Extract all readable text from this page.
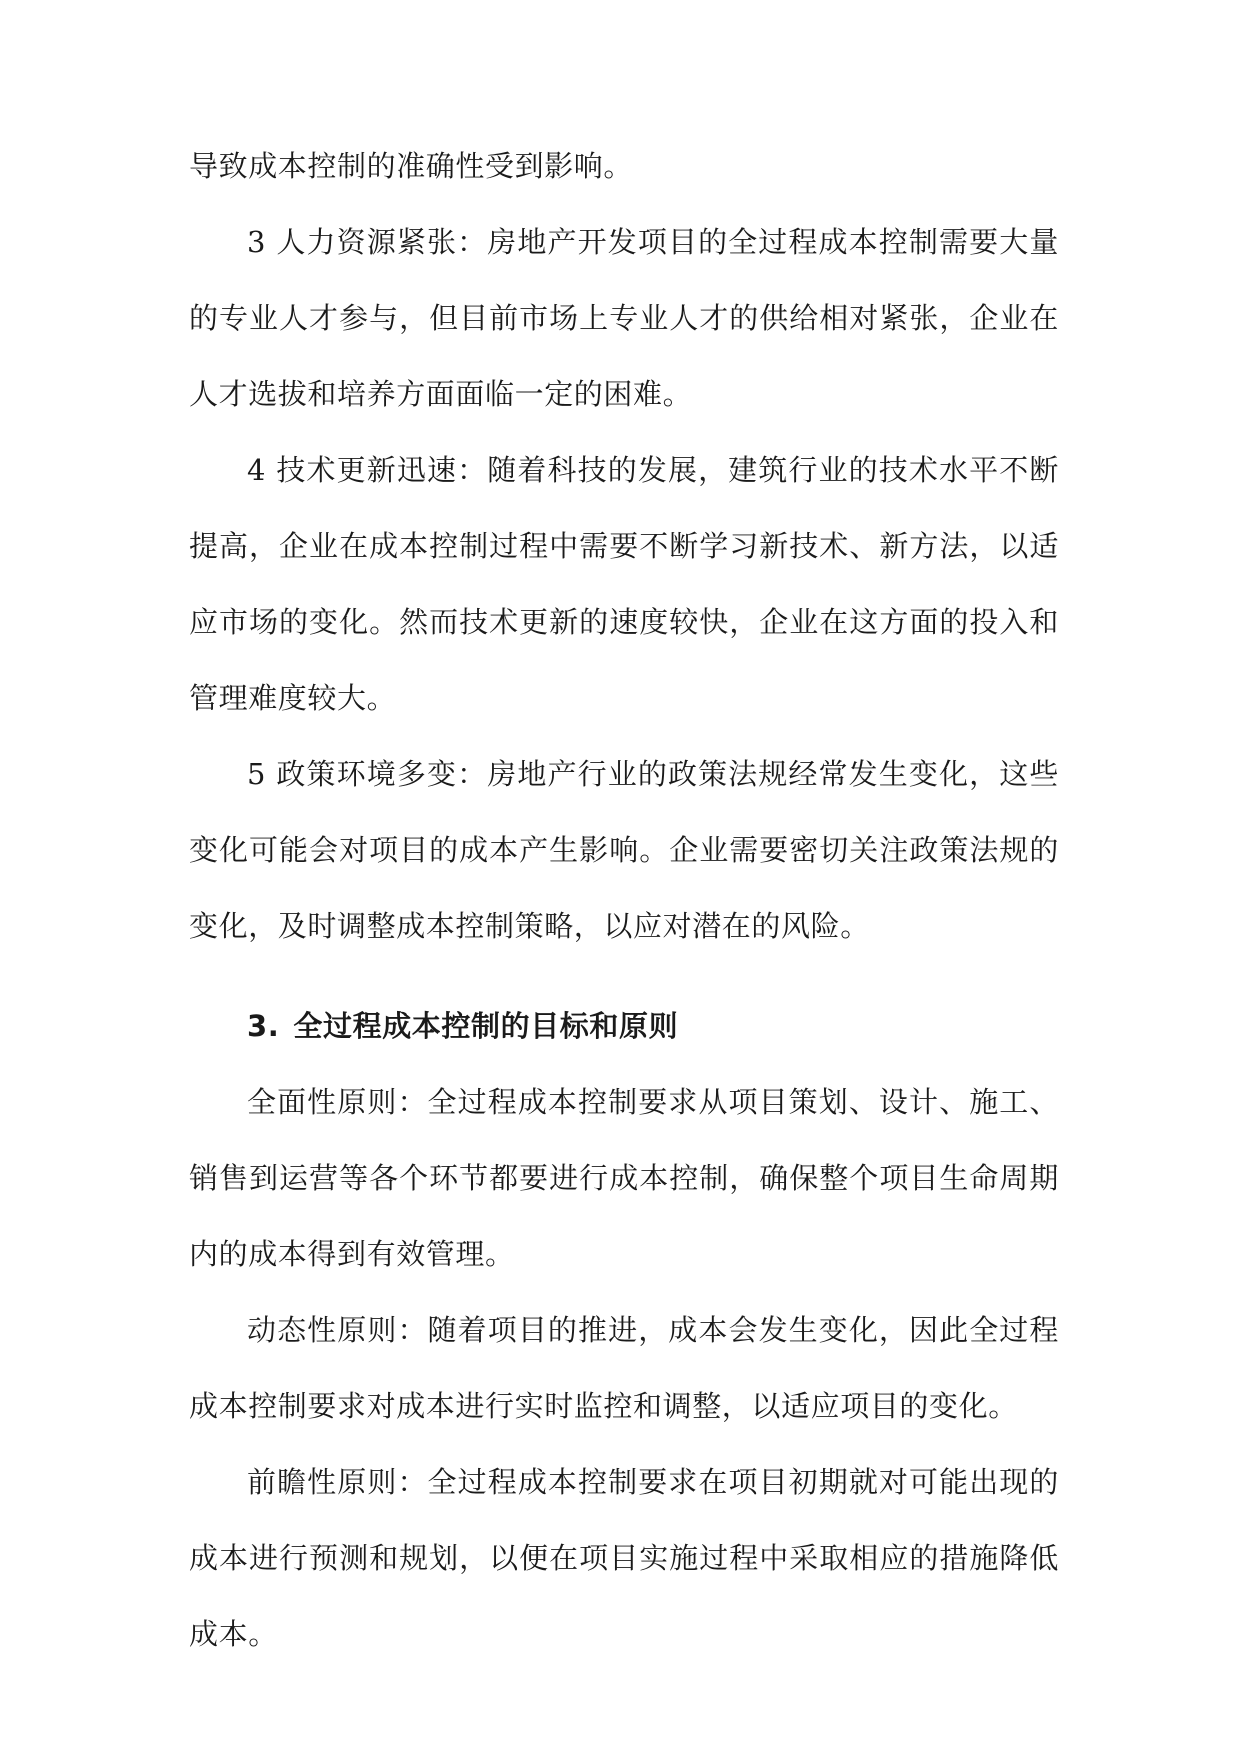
导致成本控制的准确性受到影响。

3 人力资源紧张：房地产开发项目的全过程成本控制需要大量的专业人才参与，但目前市场上专业人才的供给相对紧张，企业在人才选拔和培养方面面临一定的困难。

4 技术更新迅速：随着科技的发展，建筑行业的技术水平不断提高，企业在成本控制过程中需要不断学习新技术、新方法，以适应市场的变化。然而技术更新的速度较快，企业在这方面的投入和管理难度较大。

5 政策环境多变：房地产行业的政策法规经常发生变化，这些变化可能会对项目的成本产生影响。企业需要密切关注政策法规的变化，及时调整成本控制策略，以应对潜在的风险。

3. 全过程成本控制的目标和原则

全面性原则：全过程成本控制要求从项目策划、设计、施工、销售到运营等各个环节都要进行成本控制，确保整个项目生命周期内的成本得到有效管理。

动态性原则：随着项目的推进，成本会发生变化，因此全过程成本控制要求对成本进行实时监控和调整，以适应项目的变化。

前瞻性原则：全过程成本控制要求在项目初期就对可能出现的成本进行预测和规划，以便在项目实施过程中采取相应的措施降低成本。
